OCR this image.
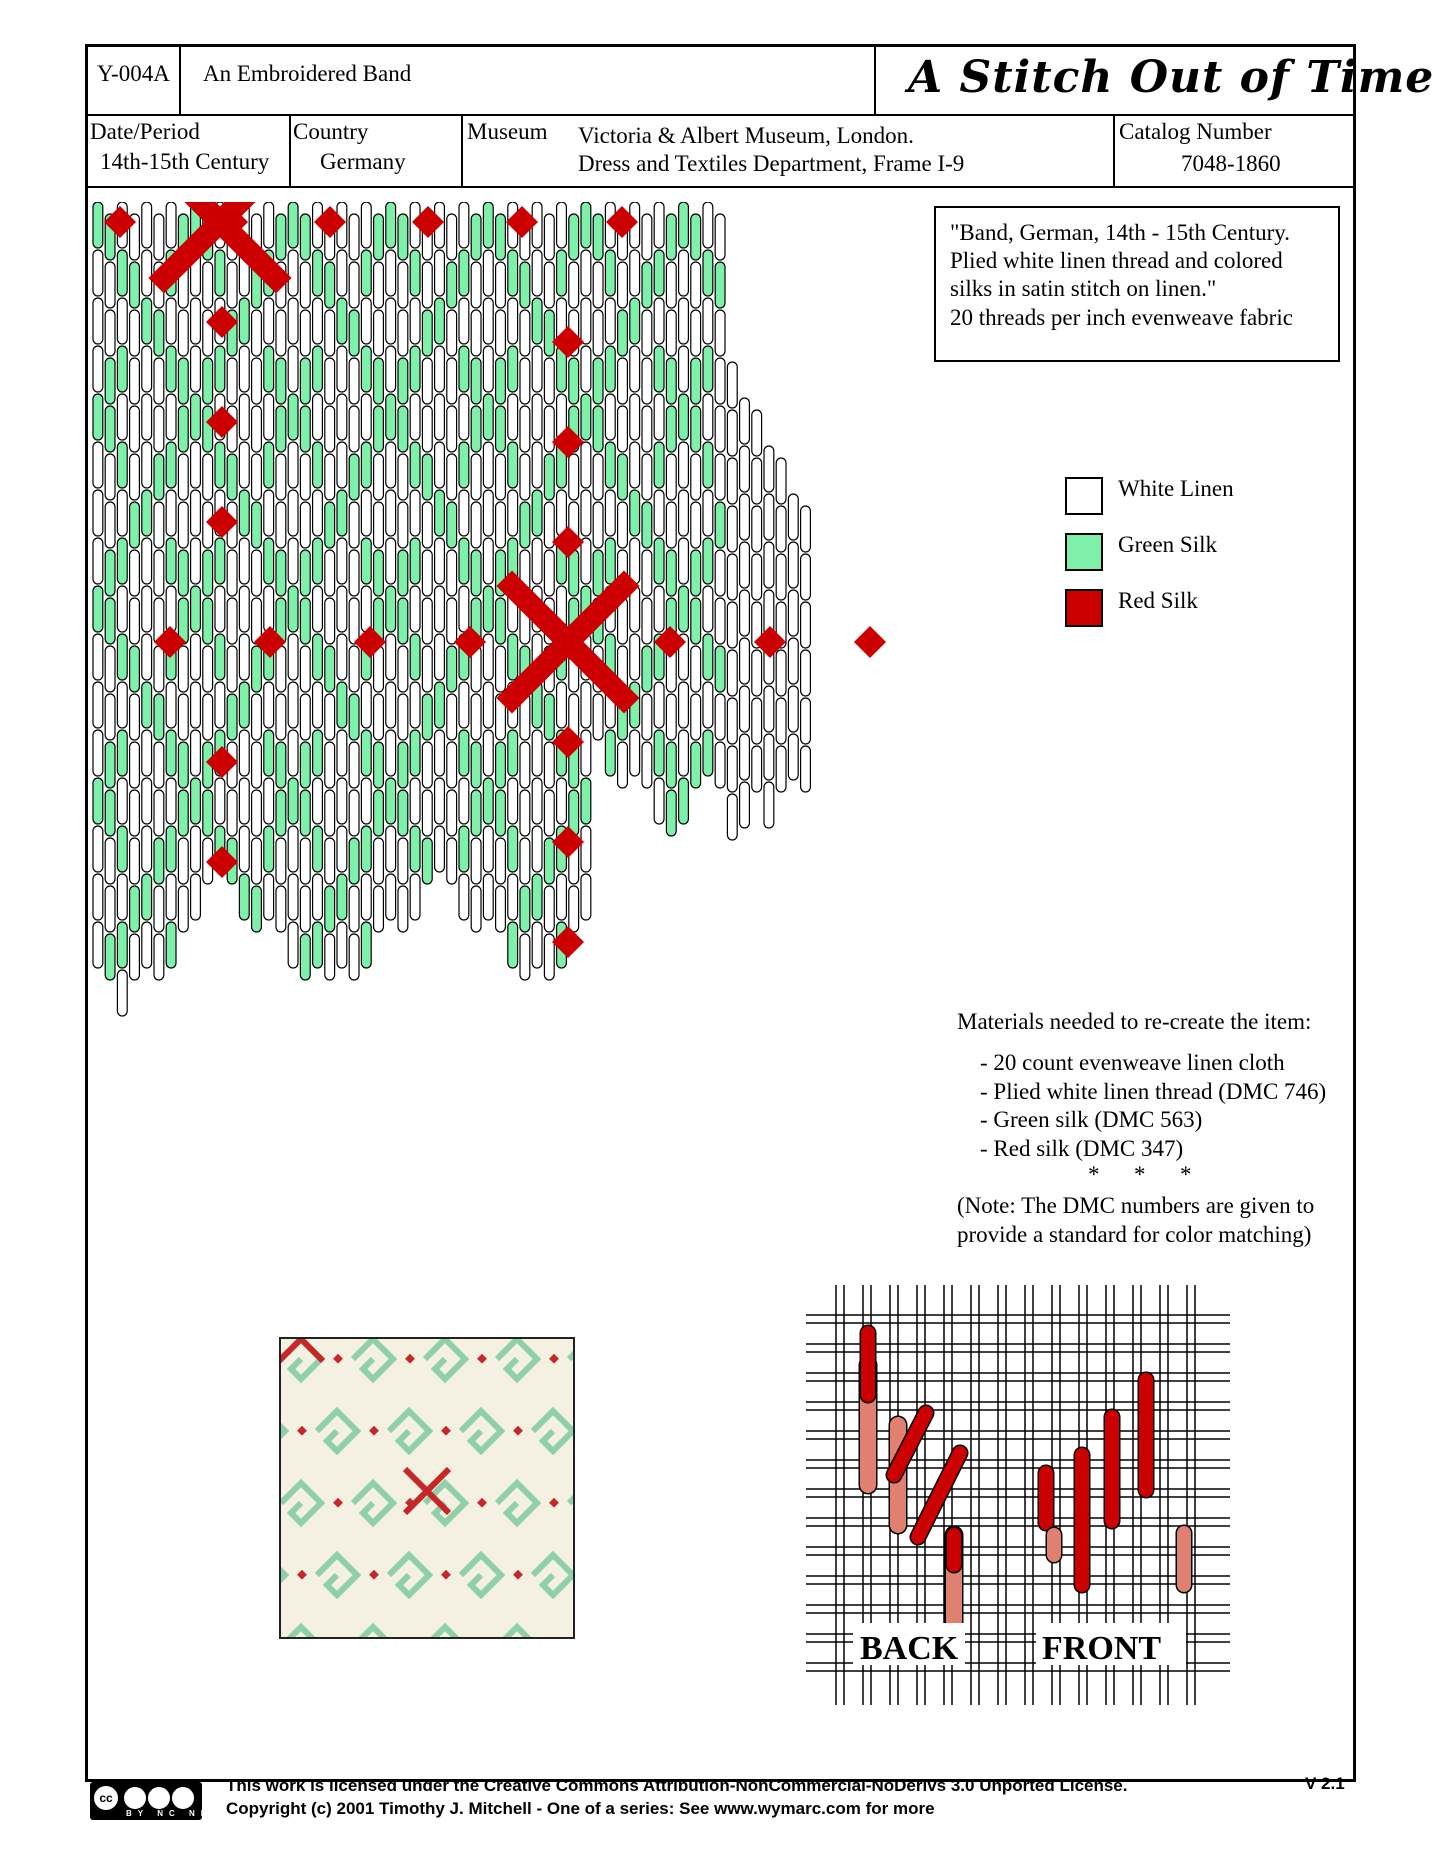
Y-004A An Embroidered Band	A Stitch Out of Time
Date/Period
14th-15th Century
Country
Germany
Museum Victoria & Albert Museum, London.
Dress and Textiles Department, Frame I-9
Catalog Number
7048-1860
"Band, German, 14th - 15th Century.
Plied white linen thread and colored
silks in satin stitch on linen."
20 threads per inch evenweave fabric
White Linen
Green Silk
Red Silk
Materials needed to re-create the item:
- 20 count evenweave linen cloth
- Plied white linen thread (DMC 746)
- Green silk (DMC 563)
- Red silk (DMC 347)
*      *      *
(Note: The DMC numbers are given to
provide a standard for color matching)
BACK FRONT
cc
BY NC ND
This work is licensed under the Creative Commons Attribution-NonCommercial-NoDerivs 3.0 Unported License.
Copyright (c) 2001 Timothy J. Mitchell - One of a series: See www.wymarc.com for more
V 2.1
